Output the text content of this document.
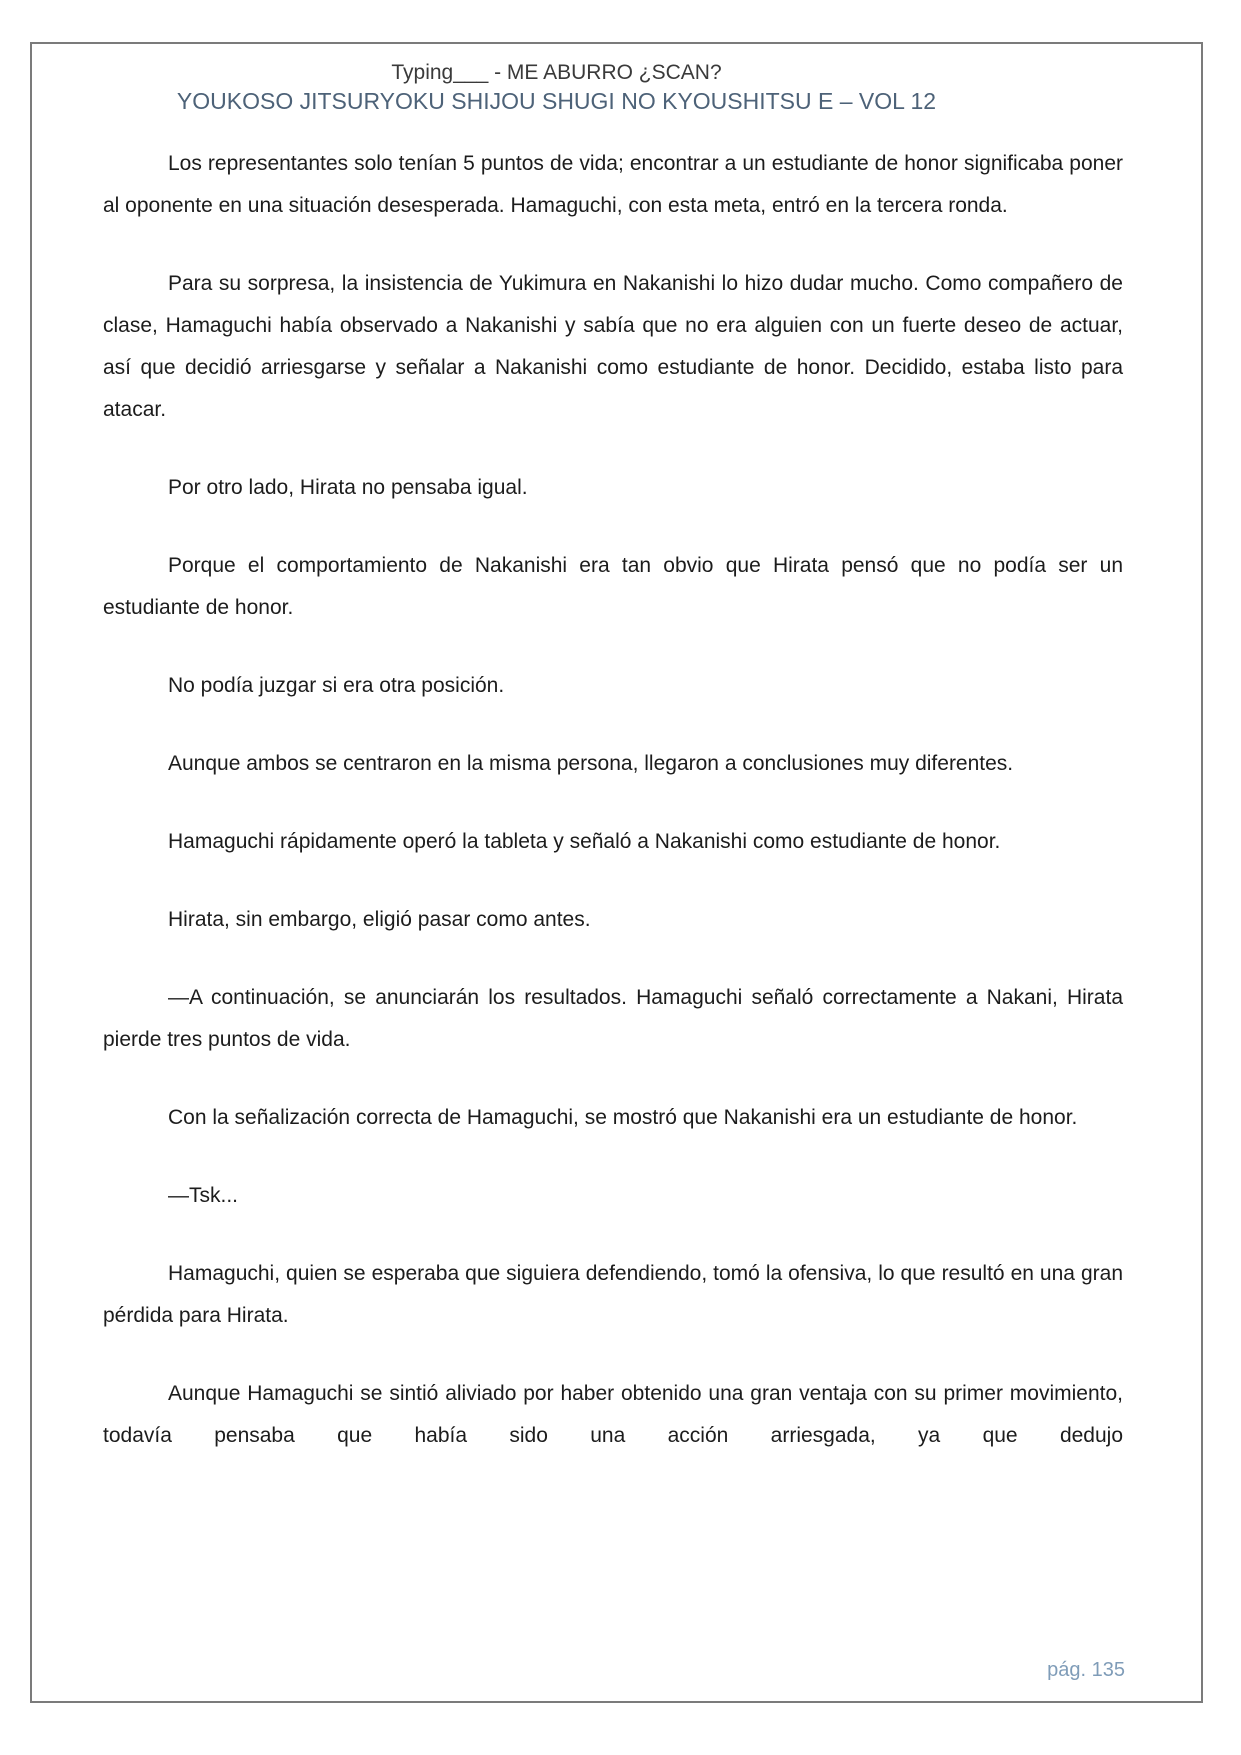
Typing___ - ME ABURRO ¿SCAN?
YOUKOSO JITSURYOKU SHIJOU SHUGI NO KYOUSHITSU E – VOL 12

Los representantes solo tenían 5 puntos de vida; encontrar a un estudiante de honor significaba poner al oponente en una situación desesperada. Hamaguchi, con esta meta, entró en la tercera ronda.

Para su sorpresa, la insistencia de Yukimura en Nakanishi lo hizo dudar mucho. Como compañero de clase, Hamaguchi había observado a Nakanishi y sabía que no era alguien con un fuerte deseo de actuar, así que decidió arriesgarse y señalar a Nakanishi como estudiante de honor. Decidido, estaba listo para atacar.

Por otro lado, Hirata no pensaba igual.

Porque el comportamiento de Nakanishi era tan obvio que Hirata pensó que no podía ser un estudiante de honor.

No podía juzgar si era otra posición.

Aunque ambos se centraron en la misma persona, llegaron a conclusiones muy diferentes.

Hamaguchi rápidamente operó la tableta y señaló a Nakanishi como estudiante de honor.

Hirata, sin embargo, eligió pasar como antes.

—A continuación, se anunciarán los resultados. Hamaguchi señaló correctamente a Nakani, Hirata pierde tres puntos de vida.

Con la señalización correcta de Hamaguchi, se mostró que Nakanishi era un estudiante de honor.

—Tsk...

Hamaguchi, quien se esperaba que siguiera defendiendo, tomó la ofensiva, lo que resultó en una gran pérdida para Hirata.

Aunque Hamaguchi se sintió aliviado por haber obtenido una gran ventaja con su primer movimiento, todavía pensaba que había sido una acción arriesgada, ya que dedujo

pág. 135
